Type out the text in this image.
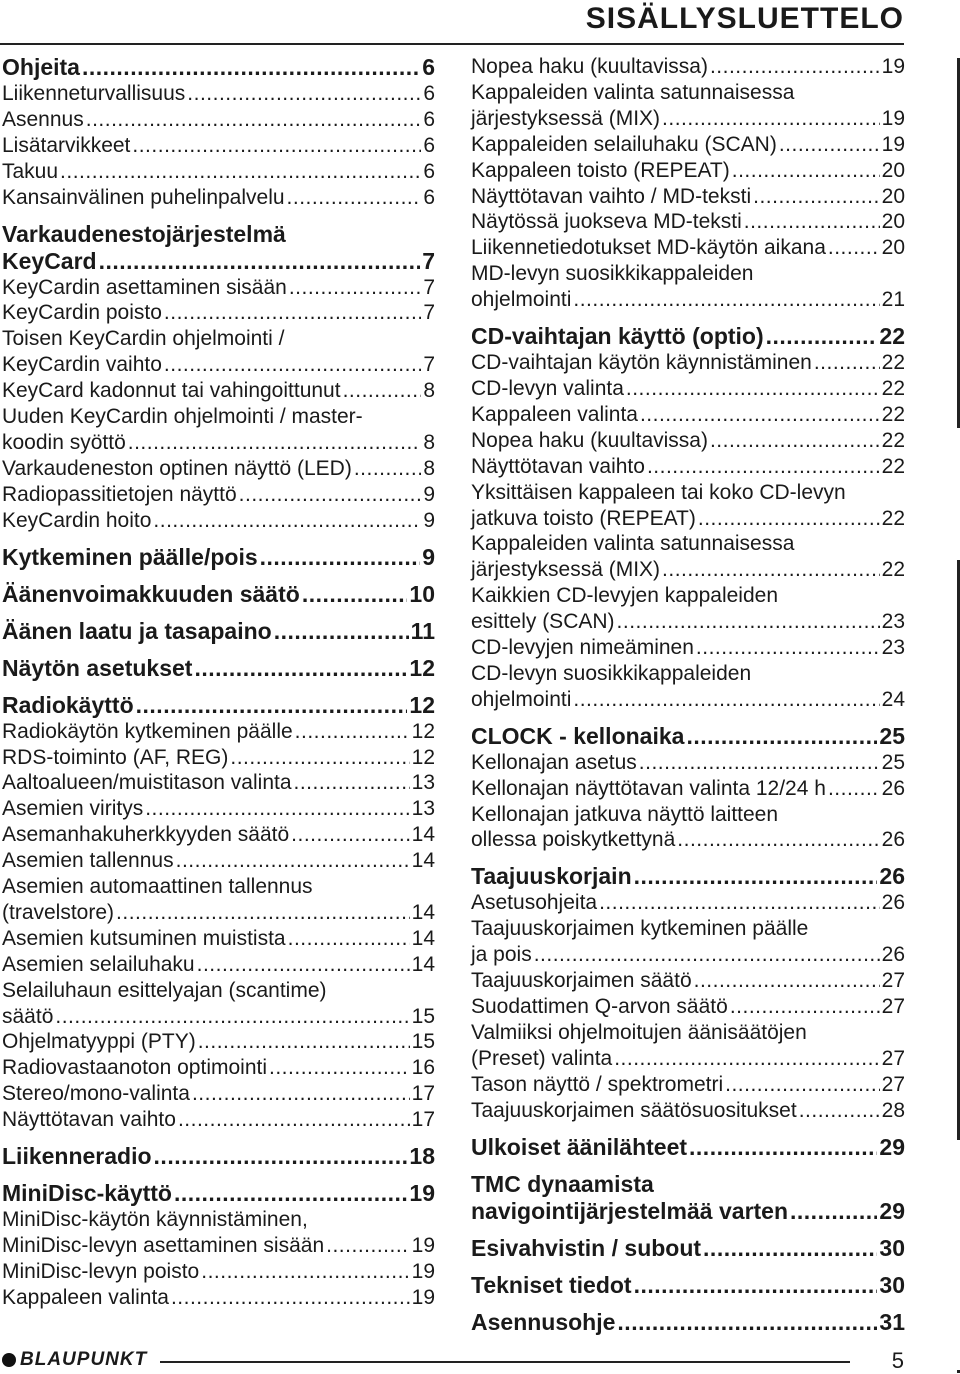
SISÄLLYSLUETTELO
Ohjeita .....	6
Liikenneturvallisuus .....	6
Asennus .....	6
Lisätarvikkeet .....	6
Takuu .....	6
Kansainvälinen puhelinpalvelu .....	6
Varkaudenestojärjestelmä
KeyCard .....	7
KeyCardin asettaminen sisään .....	7
KeyCardin poisto .....	7
Toisen KeyCardin ohjelmointi /
KeyCardin vaihto .....	7
KeyCard kadonnut tai vahingoittunut .....	8
Uuden KeyCardin ohjelmointi / master-
koodin syöttö .....	8
Varkaudeneston optinen näyttö (LED) .....	8
Radiopassitietojen näyttö .....	9
KeyCardin hoito .....	9
Kytkeminen päälle/pois .....	9
Äänenvoimakkuuden säätö .....	10
Äänen laatu ja tasapaino .....	11
Näytön asetukset .....	12
Radiokäyttö .....	12
Radiokäytön kytkeminen päälle .....	12
RDS-toiminto (AF, REG) .....	12
Aaltoalueen/muistitason valinta .....	13
Asemien viritys .....	13
Asemanhakuherkkyyden säätö .....	14
Asemien tallennus .....	14
Asemien automaattinen tallennus
(travelstore) .....	14
Asemien kutsuminen muistista .....	14
Asemien selailuhaku .....	14
Selailuhaun esittelyajan (scantime)
säätö .....	15
Ohjelmatyyppi (PTY) .....	15
Radiovastaanoton optimointi .....	16
Stereo/mono-valinta .....	17
Näyttötavan vaihto .....	17
Liikenneradio .....	18
MiniDisc-käyttö .....	19
MiniDisc-käytön käynnistäminen,
MiniDisc-levyn asettaminen sisään .....	19
MiniDisc-levyn poisto .....	19
Kappaleen valinta .....	19
Nopea haku (kuultavissa) .....	19
Kappaleiden valinta satunnaisessa
järjestyksessä (MIX) .....	19
Kappaleiden selailuhaku (SCAN) .....	19
Kappaleen toisto (REPEAT) .....	20
Näyttötavan vaihto / MD-teksti .....	20
Näytössä juokseva MD-teksti .....	20
Liikennetiedotukset MD-käytön aikana .....	20
MD-levyn suosikkikappaleiden
ohjelmointi .....	21
CD-vaihtajan käyttö (optio) .....	22
CD-vaihtajan käytön käynnistäminen .....	22
CD-levyn valinta .....	22
Kappaleen valinta .....	22
Nopea haku (kuultavissa) .....	22
Näyttötavan vaihto .....	22
Yksittäisen kappaleen tai koko CD-levyn
jatkuva toisto (REPEAT) .....	22
Kappaleiden valinta satunnaisessa
järjestyksessä (MIX) .....	22
Kaikkien CD-levyjen kappaleiden
esittely (SCAN) .....	23
CD-levyjen nimeäminen .....	23
CD-levyn suosikkikappaleiden
ohjelmointi .....	24
CLOCK - kellonaika .....	25
Kellonajan asetus .....	25
Kellonajan näyttötavan valinta 12/24 h .....	26
Kellonajan jatkuva näyttö laitteen
ollessa poiskytkettynä .....	26
Taajuuskorjain .....	26
Asetusohjeita .....	26
Taajuuskorjaimen kytkeminen päälle
ja pois .....	26
Taajuuskorjaimen säätö .....	27
Suodattimen Q-arvon säätö .....	27
Valmiiksi ohjelmoitujen äänisäätöjen
(Preset) valinta .....	27
Tason näyttö / spektrometri .....	27
Taajuuskorjaimen säätösuositukset .....	28
Ulkoiset äänilähteet .....	29
TMC dynaamista
navigointijärjestelmää varten .....	29
Esivahvistin / subout .....	30
Tekniset tiedot .....	30
Asennusohje .....	31
BLAUPUNKT	5
